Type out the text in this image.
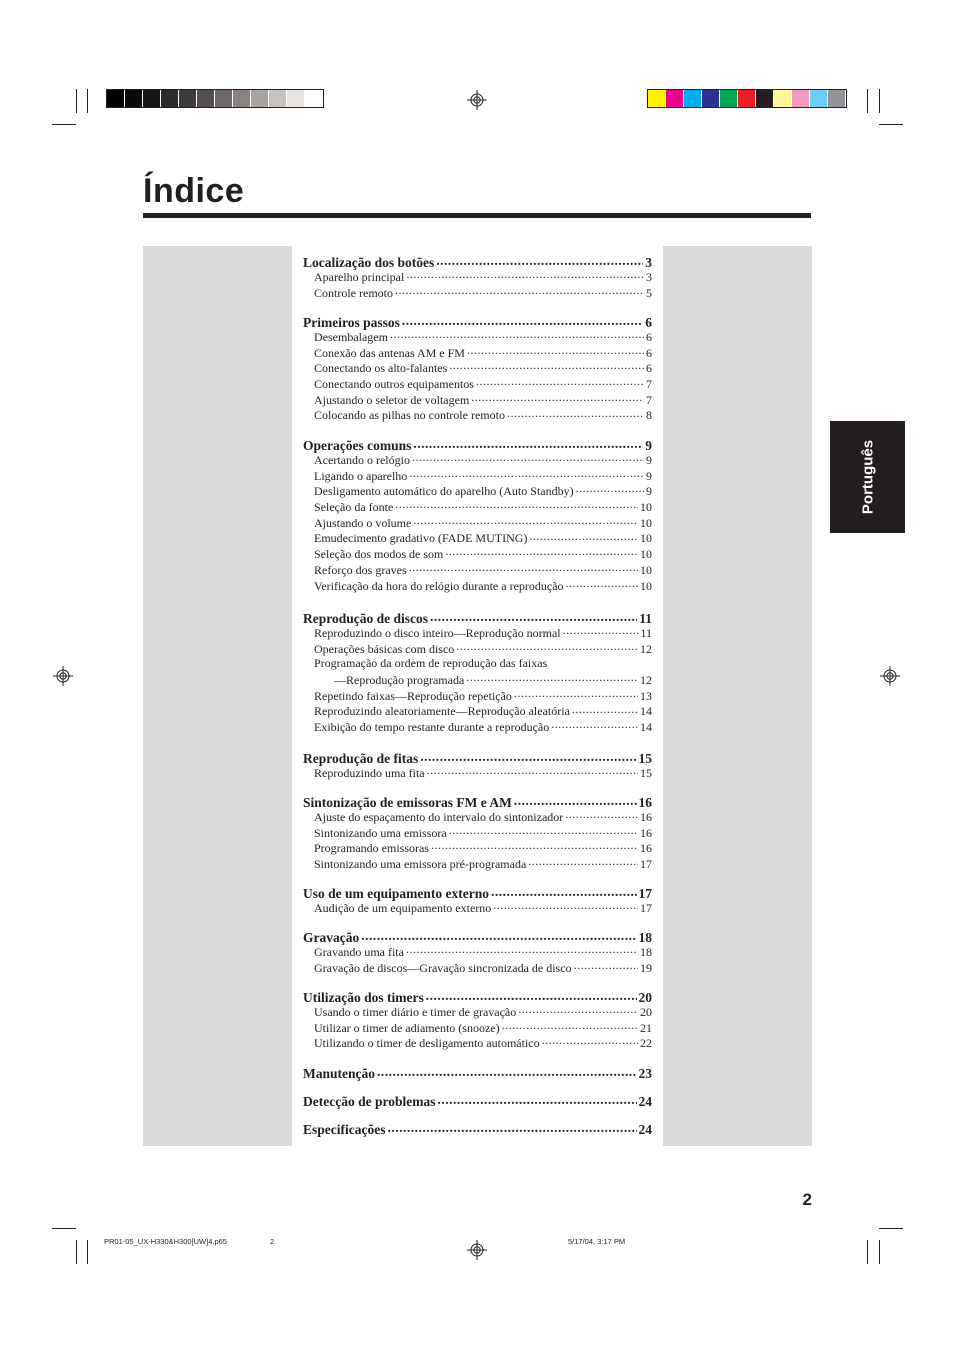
Índice
Localização dos botões .....	3
Aparelho principal .....	3
Controle remoto .....	5
Primeiros passos .....	6
Desembalagem .....	6
Conexão das antenas AM e FM .....	6
Conectando os alto-falantes .....	6
Conectando outros equipamentos .....	7
Ajustando o seletor de voltagem .....	7
Colocando as pilhas no controle remoto .....	8
Operações comuns .....	9
Acertando o relógio .....	9
Ligando o aparelho .....	9
Desligamento automático do aparelho (Auto Standby) .....	9
Seleção da fonte .....	10
Ajustando o volume .....	10
Emudecimento gradativo (FADE MUTING) .....	10
Seleção dos modos de som .....	10
Reforço dos graves .....	10
Verificação da hora do relógio durante a reprodução .....	10
Reprodução de discos .....	11
Reproduzindo o disco inteiro—Reprodução normal .....	11
Operações básicas com disco .....	12
Programação da ordem de reprodução das faixas
—Reprodução programada .....	12
Repetindo faixas—Reprodução repetição .....	13
Reproduzindo aleatoriamente—Reprodução aleatória .....	14
Exibição do tempo restante durante a reprodução .....	14
Reprodução de fitas .....	15
Reproduzindo uma fita .....	15
Sintonização de emissoras FM e AM .....	16
Ajuste do espaçamento do intervalo do sintonizador .....	16
Sintonizando uma emissora .....	16
Programando emissoras .....	16
Sintonizando uma emissora pré-programada .....	17
Uso de um equipamento externo .....	17
Audição de um equipamento externo .....	17
Gravação .....	18
Gravando uma fita .....	18
Gravação de discos—Gravação sincronizada de disco .....	19
Utilização dos timers .....	20
Usando o timer diário e timer de gravação .....	20
Utilizar o timer de adiamento (snooze) .....	21
Utilizando o timer de desligamento automático .....	22
Manutenção .....	23
Detecção de problemas .....	24
Especificações .....	24
Português
2
PR01-05_UX-H330&H300[UW]4.p65	2	5/17/04, 3:17 PM
